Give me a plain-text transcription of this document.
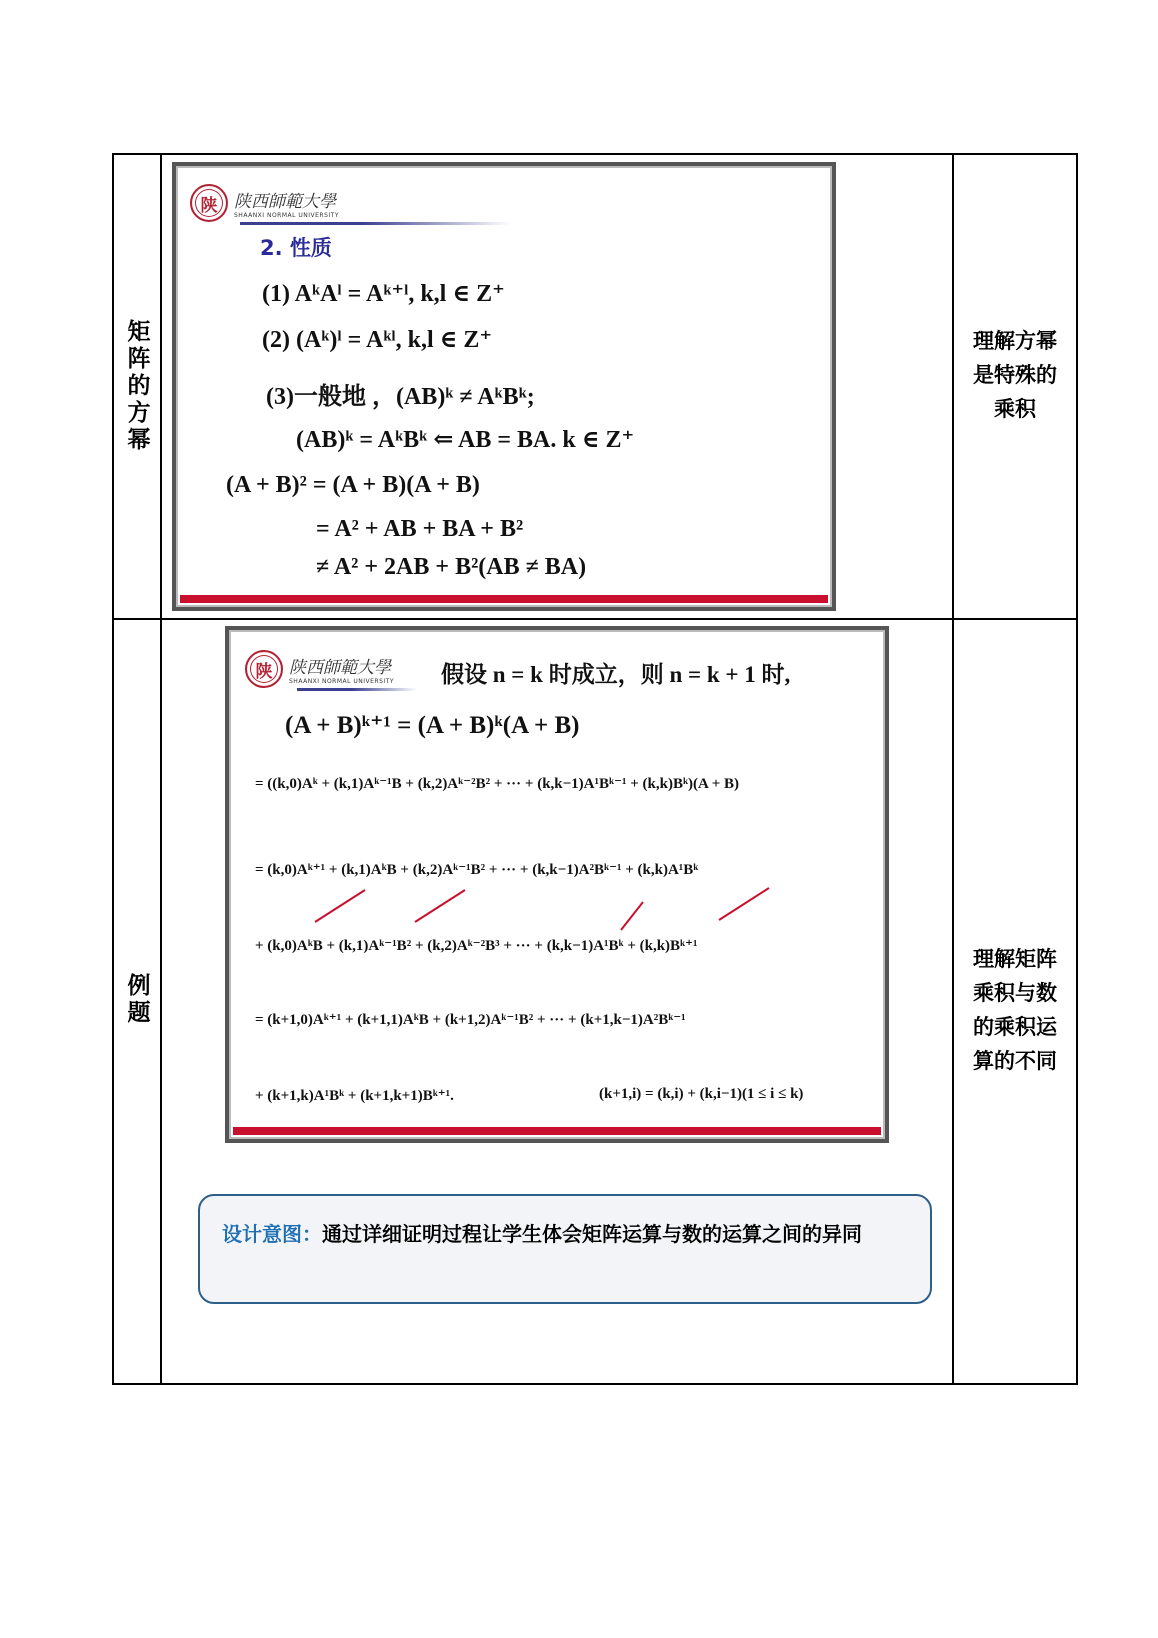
矩阵的方幂	理解方幂是特殊的乘积
例题
理解矩阵乘积与数的乘积运算的不同
陕 陕西師範大學
SHAANXI NORMAL UNIVERSITY
2. 性质
(1) AᵏAˡ = Aᵏ⁺ˡ, k,l ∈ Z⁺
(2) (Aᵏ)ˡ = Aᵏˡ, k,l ∈ Z⁺
(3)一般地 ，(AB)ᵏ ≠ AᵏBᵏ;
(AB)ᵏ = AᵏBᵏ ⇐ AB = BA. k ∈ Z⁺
(A + B)² = (A + B)(A + B)
= A² + AB + BA + B²
≠ A² + 2AB + B²(AB ≠ BA)
陕 陕西師範大學
SHAANXI NORMAL UNIVERSITY 假设 n = k 时成立，则 n = k + 1 时,
(A + B)ᵏ⁺¹ = (A + B)ᵏ(A + B)
= ((k,0)Aᵏ + (k,1)Aᵏ⁻¹B + (k,2)Aᵏ⁻²B² + ··· + (k,k−1)A¹Bᵏ⁻¹ + (k,k)Bᵏ)(A + B)
= (k,0)Aᵏ⁺¹ + (k,1)AᵏB + (k,2)Aᵏ⁻¹B² + ··· + (k,k−1)A²Bᵏ⁻¹ + (k,k)A¹Bᵏ
+ (k,0)AᵏB + (k,1)Aᵏ⁻¹B² + (k,2)Aᵏ⁻²B³ + ··· + (k,k−1)A¹Bᵏ + (k,k)Bᵏ⁺¹
= (k+1,0)Aᵏ⁺¹ + (k+1,1)AᵏB + (k+1,2)Aᵏ⁻¹B² + ··· + (k+1,k−1)A²Bᵏ⁻¹
+ (k+1,k)A¹Bᵏ + (k+1,k+1)Bᵏ⁺¹.	(k+1,i) = (k,i) + (k,i−1)(1 ≤ i ≤ k)
设计意图：通过详细证明过程让学生体会矩阵运算与数的运算之间的异同
